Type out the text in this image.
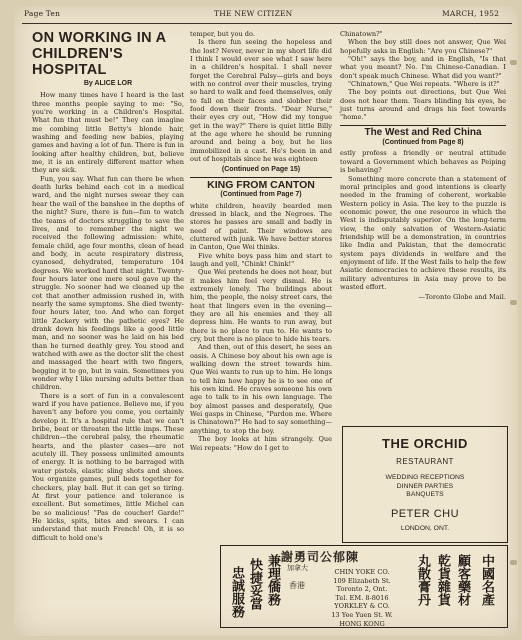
Page Ten	THE NEW CITIZEN	MARCH, 1952
ON WORKING IN A
CHILDREN'S HOSPITAL
By ALICE LOR

How many times have I heard is the last three months people saying to me: "So, you're working in a Children's Hospital. What fun that must be!" They can imagine me combing little Betty's blonde hair, washing and feeding new babies, playing games and having a lot of fun. There is fun in looking after healthy children, but, believe me, it is an entirely different matter when they are sick.

Fun, you say. What fun can there be when death lurks behind each cot in a medical ward, and the night nurses swear they can hear the wail of the banshee in the depths of the night? Sure, there is fun—fun to watch the teams of doctors struggling to save the lives, and to remember the night we received the following admission: white, female child, age four months, clean of head and body, in acute respiratory distress, cyanosed, dehydrated, temperature 104 degrees. We worked hard that night. Twenty-four hours later one mere soul gave up the struggle. No sooner had we cleaned up the cot that another admission rushed in, with nearly the same symptoms. She died twenty-four hours later, too. And who can forget little Zackery with the pathetic eyes? He drank down his feedings like a good little man, and no sooner was he laid on his bed than he turned deathly grey. You stood and watched with awe as the doctor slit the chest and massaged the heart with two fingers, begging it to go, but in vain. Sometimes you wonder why I like nursing adults better than children.

There is a sort of fun in a convalescent ward if you have patience. Believe me, if you haven't any before you come, you certainly develop it. It's a hospital rule that we can't bribe, beat or threaten the little imps. These children—the cerebral palsy, the rheumatic hearts, and the plaster cases—are not acutely ill. They possess unlimited amounts of energy. It is nothing to be barraged with water pistols, elastic sling shots and shoes. You organize games, pull beds together for checkers, play ball. But it can get so tiring. At first your patience and tolerance is excellent. But sometimes, little Michel can be so malicious! "Pas de coucher! Garde!" He kicks, spits, bites and swears. I can understand that much French! Oh, it is so difficult to hold one's

temper, but you do.

Is there fun seeing the hopeless and the lost? Never, never in my short life did I think I would ever see what I saw here in a children's hospital. I shall never forget the Cerebral Palsy—girls and boys with no control over their muscles, trying so hard to walk and feed themselves, only to fall on their faces and slobber their food down their fronts. "Dear Nurse," their eyes cry out, "How did my tongue get in the way?" There is quiet little Billy at the age where he should be running around and being a boy, but he lies immobilized in a cast. He's been in and out of hospitals since he was eighteen

(Continued on Page 15)
KING FROM CANTON
(Continued from Page 7)

white children, heavily bearded men dressed in black, and the Negroes. The stores he passes are small and badly in need of paint. Their windows are cluttered with junk. We have better stores in Canton, Que Wei thinks.

Five white boys pass him and start to laugh and yell, "Chink! Chink!"

Que Wei pretends he does not hear, but it makes him feel very dismal. He is extremely lonely. The buildings about him, the people, the noisy street cars, the heat that lingers even in the evening—they are all his enemies and they all depress him. He wants to run away, but there is no place to run to. He wants to cry, but there is no place to hide his tears.

And then, out of this desert, he sees an oasis. A Chinese boy about his own age is walking down the street towards him. Que Wei wants to run up to him. He longs to tell him how happy he is to see one of his own kind. He craves someone his own age to talk to in his own language. The boy almost passes and desperately, Que Wei gasps in Chinese, "Pardon me. Where is Chinatown?" He had to say something—anything, to stop the boy.

The boy looks at him strangely. Que Wei repeats: "How do I get to

Chinatown?"

When the boy still does not answer, Que Wei hopefully asks in English: "Are you Chinese?"

"Oh!" says the boy, and in English, "Is that what you meant? No. I'm Chinese-Canadian. I don't speak much Chinese. What did you want?"

"Chinatown," Que Wei repeats. "Where is it?"

The boy points out directions, but Que Wei does not hear them. Tears blinding his eyes, he just turns around and drags his feet towards "home."

The West and Red China
(Continued from Page 8)

estly profess a friendly or neutral attitude toward a Government which behaves as Peiping is behaving?

Something more concrete than a statement of moral principles and good intentions is clearly needed in the framing of coherent, workable Western policy in Asia. The key to the puzzle is economic power, the one resource in which the West is indisputably superior. On the long-term view, the only salvation of Western-Asiatic friendship will be a demonstration, in countries like India and Pakistan, that the democratic system pays dividends in welfare and the enjoyment of life. If the West fails to help the few Asiatic democracies to achieve these results, its military adventures in Asia may prove to be wasted effort.

—Toronto Globe and Mail.

THE ORCHID
RESTAURANT
WEDDING RECEPTIONS
DINNER PARTIES
BANQUETS
PETER CHU
LONDON, ONT.
謝勇司公郁陳
加拿大
忠誠服務 快捷妥當 兼理僑務 香港
CHIN YOKE CO.
109 Elizabeth St.
Toronto 2, Ont.
Tel. EM. 8-8016
YORKLEY & CO.
13 Yee Yuen St. W.
HONG KONG
丸散膏丹 乾貨雜貨 顧客藥材 中國名產
